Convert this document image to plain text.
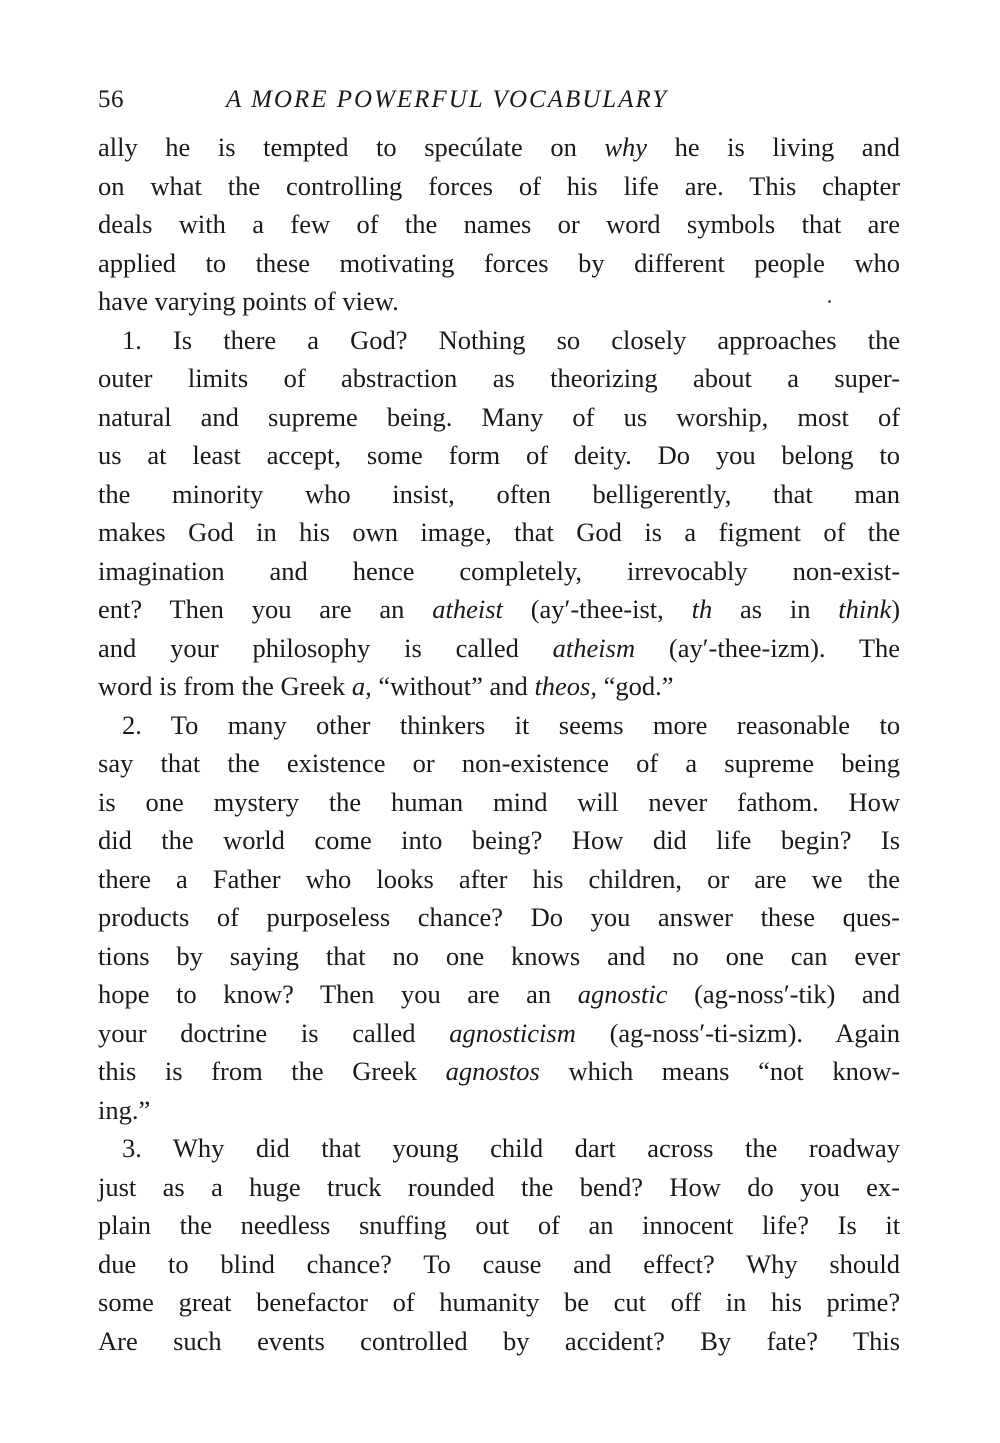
56	A MORE POWERFUL VOCABULARY

ally he is tempted to specúlate on why he is living and
on what the controlling forces of his life are. This chapter
deals with a few of the names or word symbols that are
applied to these motivating forces by different people who
have varying points of view.

1. Is there a God? Nothing so closely approaches the
outer limits of abstraction as theorizing about a super-
natural and supreme being. Many of us worship, most of
us at least accept, some form of deity. Do you belong to
the minority who insist, often belligerently, that man
makes God in his own image, that God is a figment of the
imagination and hence completely, irrevocably non-exist-
ent? Then you are an atheist (ay′-thee-ist, th as in think)
and your philosophy is called atheism (ay′-thee-izm). The
word is from the Greek a, “without” and theos, “god.”

2. To many other thinkers it seems more reasonable to
say that the existence or non-existence of a supreme being
is one mystery the human mind will never fathom. How
did the world come into being? How did life begin? Is
there a Father who looks after his children, or are we the
products of purposeless chance? Do you answer these ques-
tions by saying that no one knows and no one can ever
hope to know? Then you are an agnostic (ag-noss′-tik) and
your doctrine is called agnosticism (ag-noss′-ti-sizm). Again
this is from the Greek agnostos which means “not know-
ing.”

3. Why did that young child dart across the roadway
just as a huge truck rounded the bend? How do you ex-
plain the needless snuffing out of an innocent life? Is it
due to blind chance? To cause and effect? Why should
some great benefactor of humanity be cut off in his prime?
Are such events controlled by accident? By fate? This
